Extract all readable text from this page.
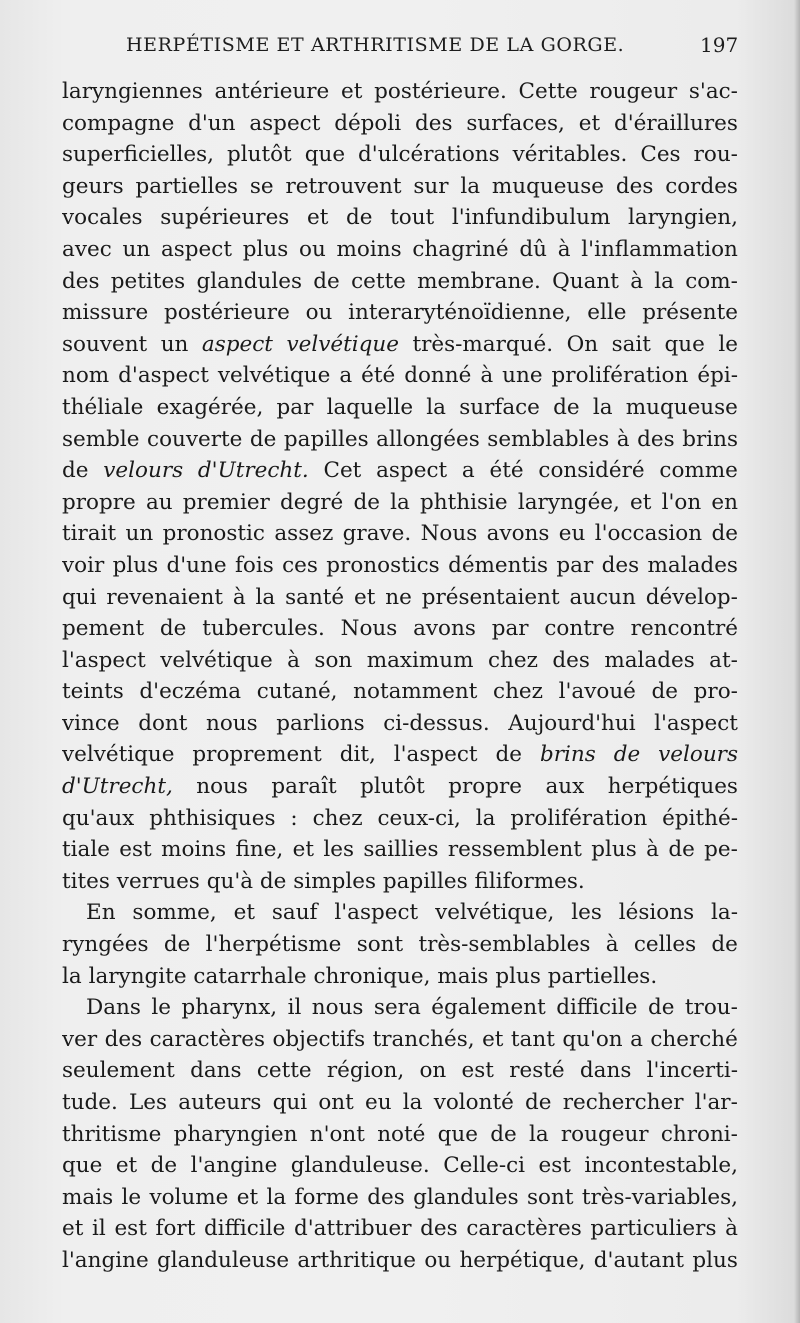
HERPÉTISME ET ARTHRITISME DE LA GORGE.	197
laryngiennes antérieure et postérieure. Cette rougeur s'ac-
compagne d'un aspect dépoli des surfaces, et d'éraillures
superficielles, plutôt que d'ulcérations véritables. Ces rou-
geurs partielles se retrouvent sur la muqueuse des cordes
vocales supérieures et de tout l'infundibulum laryngien,
avec un aspect plus ou moins chagriné dû à l'inflammation
des petites glandules de cette membrane. Quant à la com-
missure postérieure ou interaryténoïdienne, elle présente
souvent un aspect velvétique très-marqué. On sait que le
nom d'aspect velvétique a été donné à une prolifération épi-
théliale exagérée, par laquelle la surface de la muqueuse
semble couverte de papilles allongées semblables à des brins
de velours d'Utrecht. Cet aspect a été considéré comme
propre au premier degré de la phthisie laryngée, et l'on en
tirait un pronostic assez grave. Nous avons eu l'occasion de
voir plus d'une fois ces pronostics démentis par des malades
qui revenaient à la santé et ne présentaient aucun dévelop-
pement de tubercules. Nous avons par contre rencontré
l'aspect velvétique à son maximum chez des malades at-
teints d'eczéma cutané, notamment chez l'avoué de pro-
vince dont nous parlions ci-dessus. Aujourd'hui l'aspect
velvétique proprement dit, l'aspect de brins de velours
d'Utrecht, nous paraît plutôt propre aux herpétiques
qu'aux phthisiques : chez ceux-ci, la prolifération épithé-
tiale est moins fine, et les saillies ressemblent plus à de pe-
tites verrues qu'à de simples papilles filiformes.
En somme, et sauf l'aspect velvétique, les lésions la-
ryngées de l'herpétisme sont très-semblables à celles de
la laryngite catarrhale chronique, mais plus partielles.
Dans le pharynx, il nous sera également difficile de trou-
ver des caractères objectifs tranchés, et tant qu'on a cherché
seulement dans cette région, on est resté dans l'incerti-
tude. Les auteurs qui ont eu la volonté de rechercher l'ar-
thritisme pharyngien n'ont noté que de la rougeur chroni-
que et de l'angine glanduleuse. Celle-ci est incontestable,
mais le volume et la forme des glandules sont très-variables,
et il est fort difficile d'attribuer des caractères particuliers à
l'angine glanduleuse arthritique ou herpétique, d'autant plus
